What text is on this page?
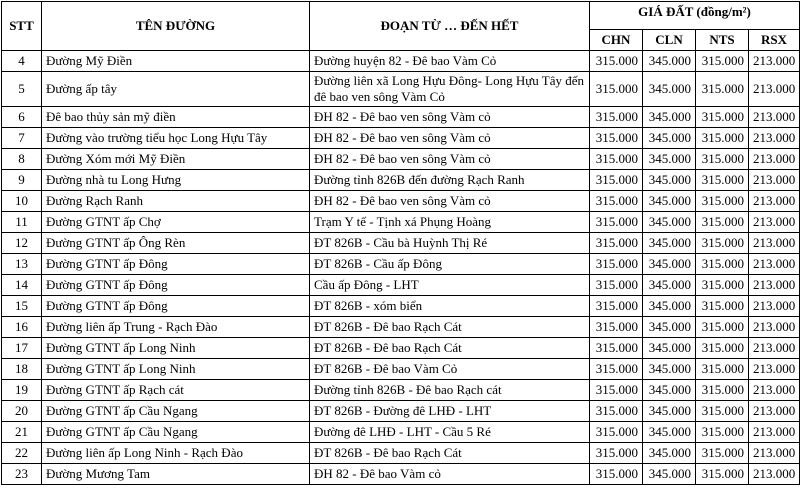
STT	TÊN ĐƯỜNG	ĐOẠN TỪ … ĐẾN HẾT	GIÁ ĐẤT (đồng/m²)			
			CHN	CLN	NTS	RSX
4	Đường Mỹ Điền	Đường huyện 82 - Đê bao Vàm Cỏ	315.000	345.000	315.000	213.000
5	Đường ấp tây	Đường liên xã Long Hựu Đông- Long Hựu Tây đến đê bao ven sông Vàm Cỏ	315.000	345.000	315.000	213.000
6	Đê bao thủy sản mỹ điền	ĐH 82 - Đê bao ven sông Vàm cỏ	315.000	345.000	315.000	213.000
7	Đường vào trường tiểu học Long Hựu Tây	ĐH 82 - Đê bao ven sông Vàm cỏ	315.000	345.000	315.000	213.000
8	Đường Xóm mới Mỹ Điền	ĐH 82 - Đê bao ven sông Vàm cỏ	315.000	345.000	315.000	213.000
9	Đường nhà tu Long Hưng	Đường tỉnh 826B đến đường Rạch Ranh	315.000	345.000	315.000	213.000
10	Đường Rạch Ranh	ĐH 82 - Đê bao ven sông Vàm cỏ	315.000	345.000	315.000	213.000
11	Đường GTNT ấp Chợ	Trạm Y tế - Tịnh xá Phụng Hoàng	315.000	345.000	315.000	213.000
12	Đường GTNT ấp Ông Rèn	ĐT 826B - Cầu bà Huỳnh Thị Ré	315.000	345.000	315.000	213.000
13	Đường GTNT ấp Đông	ĐT 826B - Cầu ấp Đông	315.000	345.000	315.000	213.000
14	Đường GTNT ấp Đông	Cầu ấp Đông - LHT	315.000	345.000	315.000	213.000
15	Đường GTNT ấp Đông	ĐT 826B - xóm biển	315.000	345.000	315.000	213.000
16	Đường liên ấp Trung - Rạch Đào	ĐT 826B - Đê bao Rạch Cát	315.000	345.000	315.000	213.000
17	Đường GTNT ấp Long Ninh	ĐT 826B - Đê bao Rạch Cát	315.000	345.000	315.000	213.000
18	Đường GTNT ấp Long Ninh	ĐT 826B - Đê bao Vàm Cỏ	315.000	345.000	315.000	213.000
19	Đường GTNT ấp Rạch cát	Đường tỉnh 826B - Đê bao Rạch cát	315.000	345.000	315.000	213.000
20	Đường GTNT ấp Cầu Ngang	ĐT 826B - Đường đê LHĐ - LHT	315.000	345.000	315.000	213.000
21	Đường GTNT ấp Cầu Ngang	Đường đê LHĐ - LHT - Cầu 5 Ré	315.000	345.000	315.000	213.000
22	Đường liên ấp Long Ninh - Rạch Đào	ĐT 826B - Đê bao Rạch Cát	315.000	345.000	315.000	213.000
23	Đường Mương Tam	ĐH 82 - Đê bao Vàm cỏ	315.000	345.000	315.000	213.000
